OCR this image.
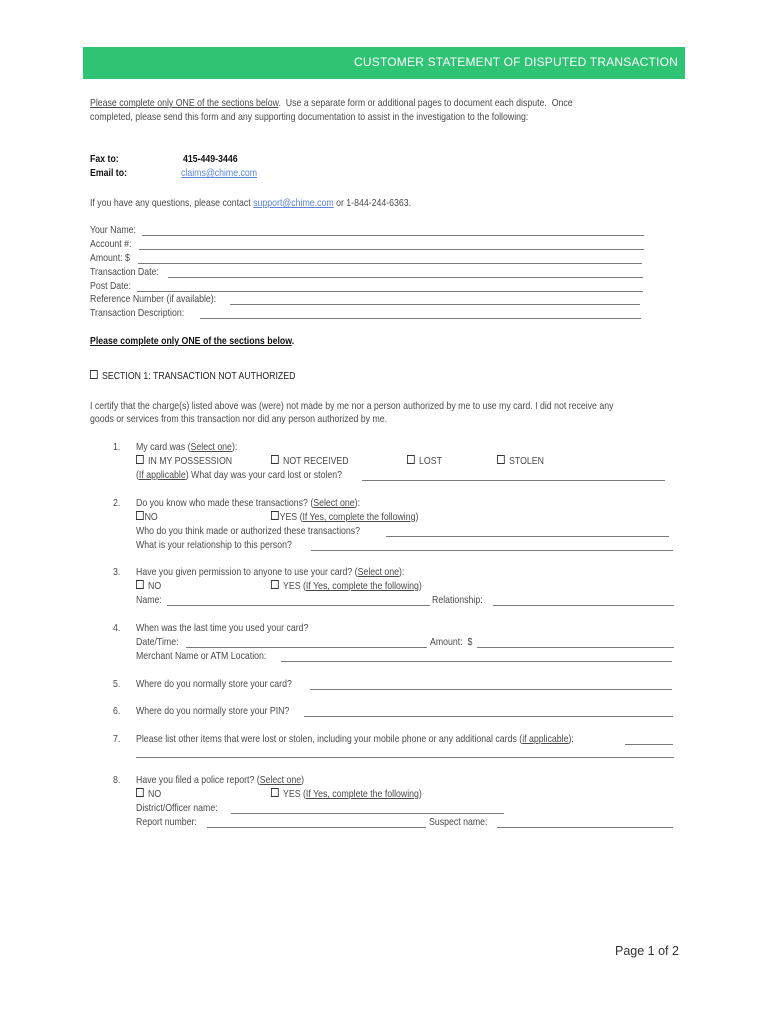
CUSTOMER STATEMENT OF DISPUTED TRANSACTION
Please complete only ONE of the sections below.  Use a separate form or additional pages to document each dispute.  Once
completed, please send this form and any supporting documentation to assist in the investigation to the following:
Fax to:	415-449-3446
Email to:	claims@chime.com
If you have any questions, please contact support@chime.com or 1-844-244-6363.
Your Name:
Account #:
Amount: $
Transaction Date:
Post Date:
Reference Number (if available):
Transaction Description:
Please complete only ONE of the sections below.
SECTION 1: TRANSACTION NOT AUTHORIZED
I certify that the charge(s) listed above was (were) not made by me nor a person authorized by me to use my card. I did not receive any
goods or services from this transaction nor did any person authorized by me.
1. My card was (Select one):
IN MY POSSESSION	NOT RECEIVED	LOST	STOLEN
(If applicable) What day was your card lost or stolen?
2. Do you know who made these transactions? (Select one):
NO	YES (If Yes, complete the following)
Who do you think made or authorized these transactions?
What is your relationship to this person?
3. Have you given permission to anyone to use your card? (Select one):
NO	YES (If Yes, complete the following)
Name:	Relationship:
4. When was the last time you used your card?
Date/Time:	Amount:  $
Merchant Name or ATM Location:
5. Where do you normally store your card?
6. Where do you normally store your PIN?
7. Please list other items that were lost or stolen, including your mobile phone or any additional cards (if applicable):
8. Have you filed a police report? (Select one)
NO	YES (If Yes, complete the following)
District/Officer name:
Report number:	Suspect name:
Page 1 of 2
